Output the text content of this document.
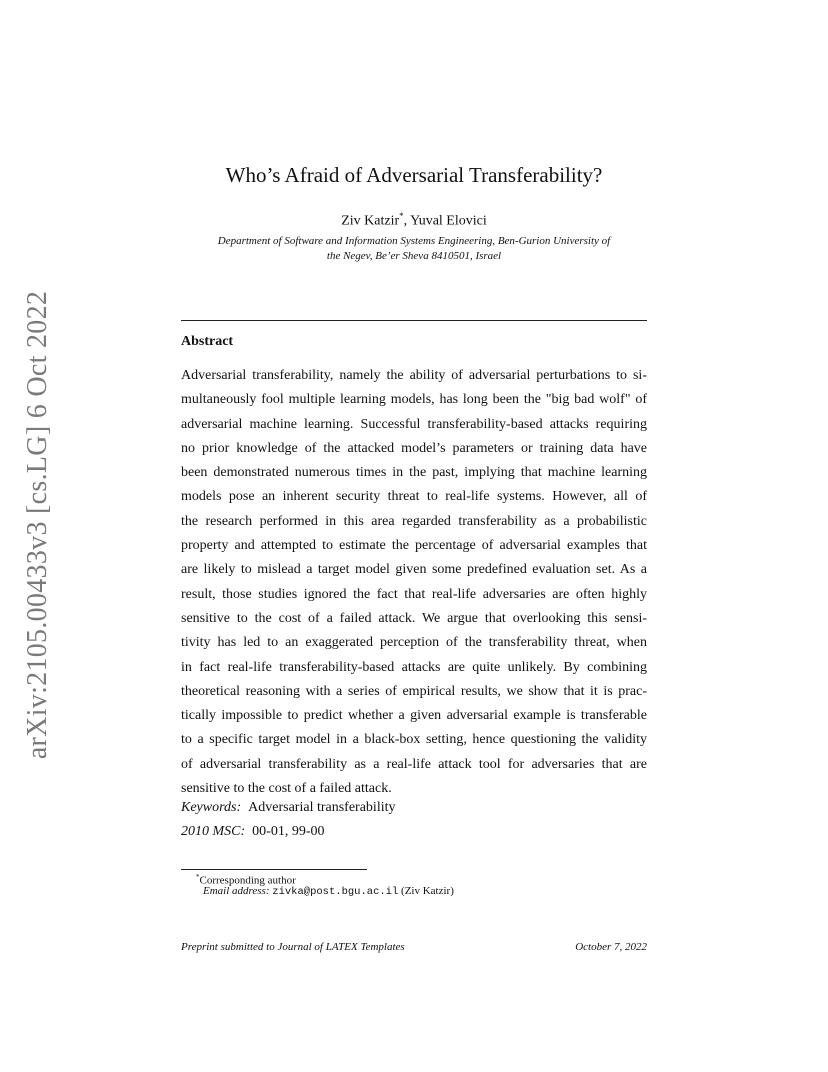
arXiv:2105.00433v3 [cs.LG] 6 Oct 2022
Who’s Afraid of Adversarial Transferability?
Ziv Katzir*, Yuval Elovici
Department of Software and Information Systems Engineering, Ben-Gurion University of
the Negev, Be’er Sheva 8410501, Israel
Abstract
Adversarial transferability, namely the ability of adversarial perturbations to si-
multaneously fool multiple learning models, has long been the "big bad wolf" of
adversarial machine learning. Successful transferability-based attacks requiring
no prior knowledge of the attacked model’s parameters or training data have
been demonstrated numerous times in the past, implying that machine learning
models pose an inherent security threat to real-life systems. However, all of
the research performed in this area regarded transferability as a probabilistic
property and attempted to estimate the percentage of adversarial examples that
are likely to mislead a target model given some predefined evaluation set. As a
result, those studies ignored the fact that real-life adversaries are often highly
sensitive to the cost of a failed attack. We argue that overlooking this sensi-
tivity has led to an exaggerated perception of the transferability threat, when
in fact real-life transferability-based attacks are quite unlikely. By combining
theoretical reasoning with a series of empirical results, we show that it is prac-
tically impossible to predict whether a given adversarial example is transferable
to a specific target model in a black-box setting, hence questioning the validity
of adversarial transferability as a real-life attack tool for adversaries that are
sensitive to the cost of a failed attack.
Keywords: Adversarial transferability
2010 MSC: 00-01, 99-00
*Corresponding author
Email address: zivka@post.bgu.ac.il (Ziv Katzir)
Preprint submitted to Journal of LATEX Templates	October 7, 2022
